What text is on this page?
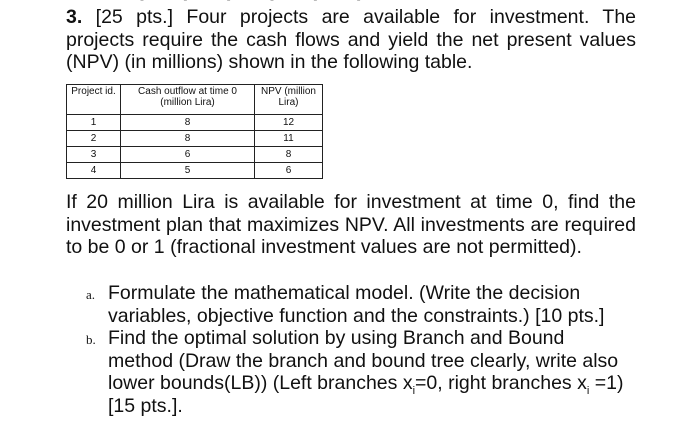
3. [25 pts.] Four projects are available for investment. The projects require the cash flows and yield the net present values (NPV) (in millions) shown in the following table.
Project id.	Cash outflow at time 0 (million Lira)	NPV (million Lira)
1	8	12
2	8	11
3	6	8
4	5	6
If 20 million Lira is available for investment at time 0, find the investment plan that maximizes NPV. All investments are required to be 0 or 1 (fractional investment values are not permitted).
a. Formulate the mathematical model. (Write the decision variables, objective function and the constraints.) [10 pts.]
b. Find the optimal solution by using Branch and Bound method (Draw the branch and bound tree clearly, write also lower bounds(LB)) (Left branches $x_i=0$, right branches $x_i =1$) [15 pts.].
